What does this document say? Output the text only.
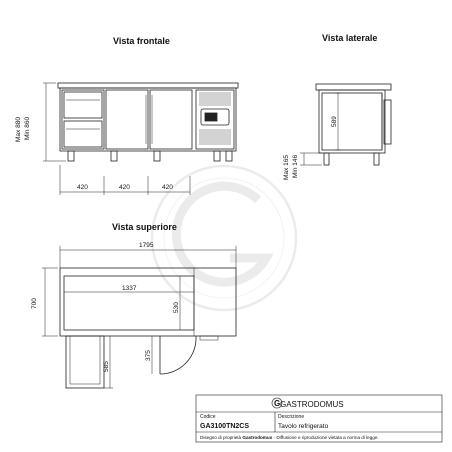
Vista frontale
Max 880 Min 860
420	420	420
Vista laterale
589
Max 165 Min 146
Vista superiore
1795
1337
530
700
375
585
G GASTRODOMUS
Codice
GA3100TN2CS
Descrizione
Tavolo refrigerato
Disegno di proprietà Gastrodomus - Diffusione e riproduzione vietata a norma di legge.
